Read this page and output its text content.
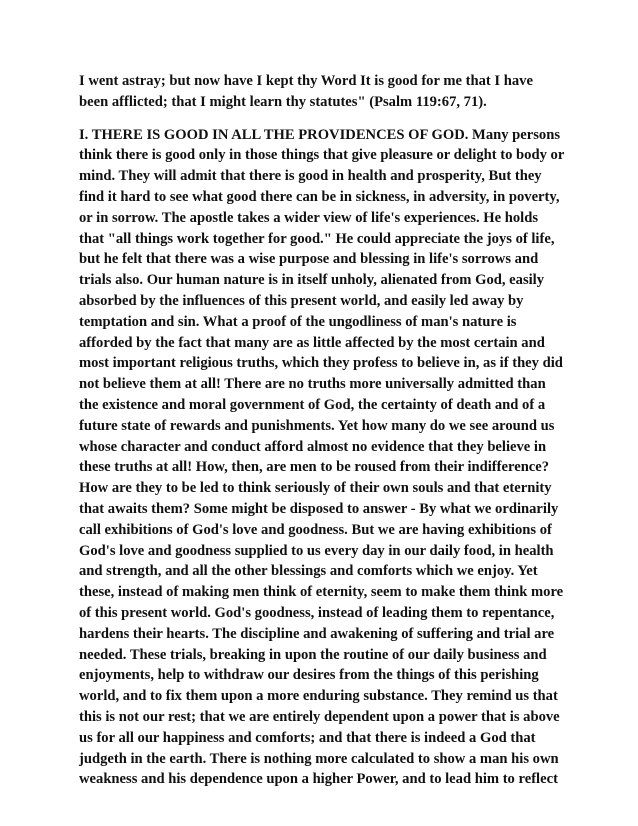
I went astray; but now have I kept thy Word It is good for me that I have
been afflicted; that I might learn thy statutes" (Psalm 119:67, 71).
I. THERE IS GOOD IN ALL THE PROVIDENCES OF GOD. Many persons
think there is good only in those things that give pleasure or delight to body or
mind. They will admit that there is good in health and prosperity, But they
find it hard to see what good there can be in sickness, in adversity, in poverty,
or in sorrow. The apostle takes a wider view of life's experiences. He holds
that "all things work together for good." He could appreciate the joys of life,
but he felt that there was a wise purpose and blessing in life's sorrows and
trials also. Our human nature is in itself unholy, alienated from God, easily
absorbed by the influences of this present world, and easily led away by
temptation and sin. What a proof of the ungodliness of man's nature is
afforded by the fact that many are as little affected by the most certain and
most important religious truths, which they profess to believe in, as if they did
not believe them at all! There are no truths more universally admitted than
the existence and moral government of God, the certainty of death and of a
future state of rewards and punishments. Yet how many do we see around us
whose character and conduct afford almost no evidence that they believe in
these truths at all! How, then, are men to be roused from their indifference?
How are they to be led to think seriously of their own souls and that eternity
that awaits them? Some might be disposed to answer - By what we ordinarily
call exhibitions of God's love and goodness. But we are having exhibitions of
God's love and goodness supplied to us every day in our daily food, in health
and strength, and all the other blessings and comforts which we enjoy. Yet
these, instead of making men think of eternity, seem to make them think more
of this present world. God's goodness, instead of leading them to repentance,
hardens their hearts. The discipline and awakening of suffering and trial are
needed. These trials, breaking in upon the routine of our daily business and
enjoyments, help to withdraw our desires from the things of this perishing
world, and to fix them upon a more enduring substance. They remind us that
this is not our rest; that we are entirely dependent upon a power that is above
us for all our happiness and comforts; and that there is indeed a God that
judgeth in the earth. There is nothing more calculated to show a man his own
weakness and his dependence upon a higher Power, and to lead him to reflect
